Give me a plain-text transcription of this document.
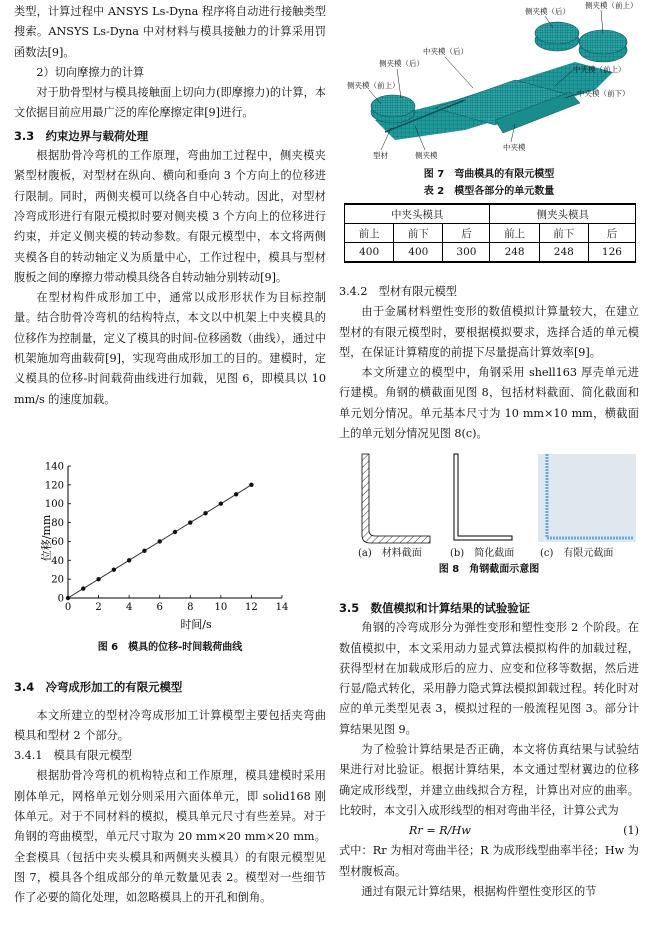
类型，计算过程中 ANSYS Ls-Dyna 程序将自动进行接触类型搜索。ANSYS Ls-Dyna 中对材料与模具接触力的计算采用罚函数法[9]。

2）切向摩擦力的计算

对于肋骨型材与模具接触面上切向力(即摩擦力)的计算，本文依据目前应用最广泛的库伦摩擦定律[9]进行。

3.3　约束边界与载荷处理

根据肋骨冷弯机的工作原理，弯曲加工过程中，侧夹模夹紧型材腹板，对型材在纵向、横向和垂向 3 个方向上的位移进行限制。同时，两侧夹模可以绕各自中心转动。因此，对型材冷弯成形进行有限元模拟时要对侧夹模 3 个方向上的位移进行约束，并定义侧夹模的转动参数。有限元模型中，本文将两侧夹模各自的转动轴定义为质量中心，工作过程中，模具与型材腹板之间的摩擦力带动模具绕各自转动轴分别转动[9]。

在型材构件成形加工中，通常以成形形状作为目标控制量。结合肋骨冷弯机的结构特点，本文以中机架上中夹模具的位移作为控制量，定义了模具的时间-位移函数（曲线），通过中机架施加弯曲载荷[9]，实现弯曲成形加工的目的。建模时，定义模具的位移-时间载荷曲线进行加载，见图 6，即模具以 10 mm/s 的速度加载。

0 2 4 6 8 10 12 14
0
20
40
60
80
100
120
140
时间/s
位移/mm

图 6　模具的位移-时间载荷曲线

3.4　冷弯成形加工的有限元模型

本文所建立的型材冷弯成形加工计算模型主要包括夹弯曲模具和型材 2 个部分。

3.4.1　模具有限元模型

根据肋骨冷弯机的机构特点和工作原理，模具建模时采用刚体单元，网格单元划分则采用六面体单元，即 solid168 刚体单元。对于不同材料的模拟，模具单元尺寸有些差异。对于角钢的弯曲模型，单元尺寸取为 20 mm×20 mm×20 mm。全套模具（包括中夹头模具和两侧夹头模具）的有限元模型见图 7，模具各个组成部分的单元数量见表 2。模型对一些细节作了必要的简化处理，如忽略模具上的开孔和倒角。

侧夹模（后）
侧夹模（前上）
中夹模（后）
中夹模（前上）
中夹模（前下）
侧夹模（后）
侧夹模（前上）
型材	侧夹模
中夹模

图 7　弯曲模具的有限元模型

表 2　模型各部分的单元数量

中夹头模具			侧夹头模具		
前上	前下	后	前上	前下	后
400	400	300	248	248	126

3.4.2　型材有限元模型

由于金属材料塑性变形的数值模拟计算量较大，在建立型材的有限元模型时，要根据模拟要求，选择合适的单元模型，在保证计算精度的前提下尽量提高计算效率[9]。

本文所建立的模型中，角钢采用 shell163 厚壳单元进行建模。角钢的横截面见图 8，包括材料截面、简化截面和单元划分情况。单元基本尺寸为 10 mm×10 mm，横截面上的单元划分情况见图 8(c)。

(a)　材料截面	(b)　简化截面	(c)　有限元截面

图 8　角钢截面示意图

3.5　数值模拟和计算结果的试验验证

角钢的冷弯成形分为弹性变形和塑性变形 2 个阶段。在数值模拟中，本文采用动力显式算法模拟构件的加载过程，获得型材在加载成形后的应力、应变和位移等数据，然后进行显/隐式转化，采用静力隐式算法模拟卸载过程。转化时对应的单元类型见表 3，模拟过程的一般流程见图 3。部分计算结果见图 9。

为了检验计算结果是否正确，本文将仿真结果与试验结果进行对比验证。根据计算结果，本文通过型材翼边的位移确定成形线型，并建立曲线拟合方程，计算出对应的曲率。比较时，本文引入成形线型的相对弯曲半径，计算公式为

Rr = R/Hw	(1)

式中：Rr 为相对弯曲半径；R 为成形线型曲率半径；Hw 为型材腹板高。

通过有限元计算结果，根据构件塑性变形区的节
